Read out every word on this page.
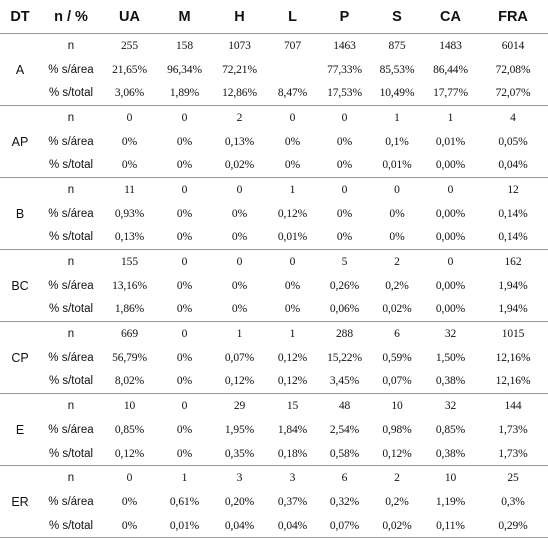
DT	n / %	UA	M	H	L	P	S	CA	FRA
A	n	255	158	1073	707	1463	875	1483	6014
	% s/área	21,65%	96,34%	72,21%		77,33%	85,53%	86,44%	72,08%
	% s/total	3,06%	1,89%	12,86%	8,47%	17,53%	10,49%	17,77%	72,07%
AP	n	0	0	2	0	0	1	1	4
	% s/área	0%	0%	0,13%	0%	0%	0,1%	0,01%	0,05%
	% s/total	0%	0%	0,02%	0%	0%	0,01%	0,00%	0,04%
B	n	11	0	0	1	0	0	0	12
	% s/área	0,93%	0%	0%	0,12%	0%	0%	0,00%	0,14%
	% s/total	0,13%	0%	0%	0,01%	0%	0%	0,00%	0,14%
BC	n	155	0	0	0	5	2	0	162
	% s/área	13,16%	0%	0%	0%	0,26%	0,2%	0,00%	1,94%
	% s/total	1,86%	0%	0%	0%	0,06%	0,02%	0,00%	1,94%
CP	n	669	0	1	1	288	6	32	1015
	% s/área	56,79%	0%	0,07%	0,12%	15,22%	0,59%	1,50%	12,16%
	% s/total	8,02%	0%	0,12%	0,12%	3,45%	0,07%	0,38%	12,16%
E	n	10	0	29	15	48	10	32	144
	% s/área	0,85%	0%	1,95%	1,84%	2,54%	0,98%	0,85%	1,73%
	% s/total	0,12%	0%	0,35%	0,18%	0,58%	0,12%	0,38%	1,73%
ER	n	0	1	3	3	6	2	10	25
	% s/área	0%	0,61%	0,20%	0,37%	0,32%	0,2%	1,19%	0,3%
	% s/total	0%	0,01%	0,04%	0,04%	0,07%	0,02%	0,11%	0,29%
